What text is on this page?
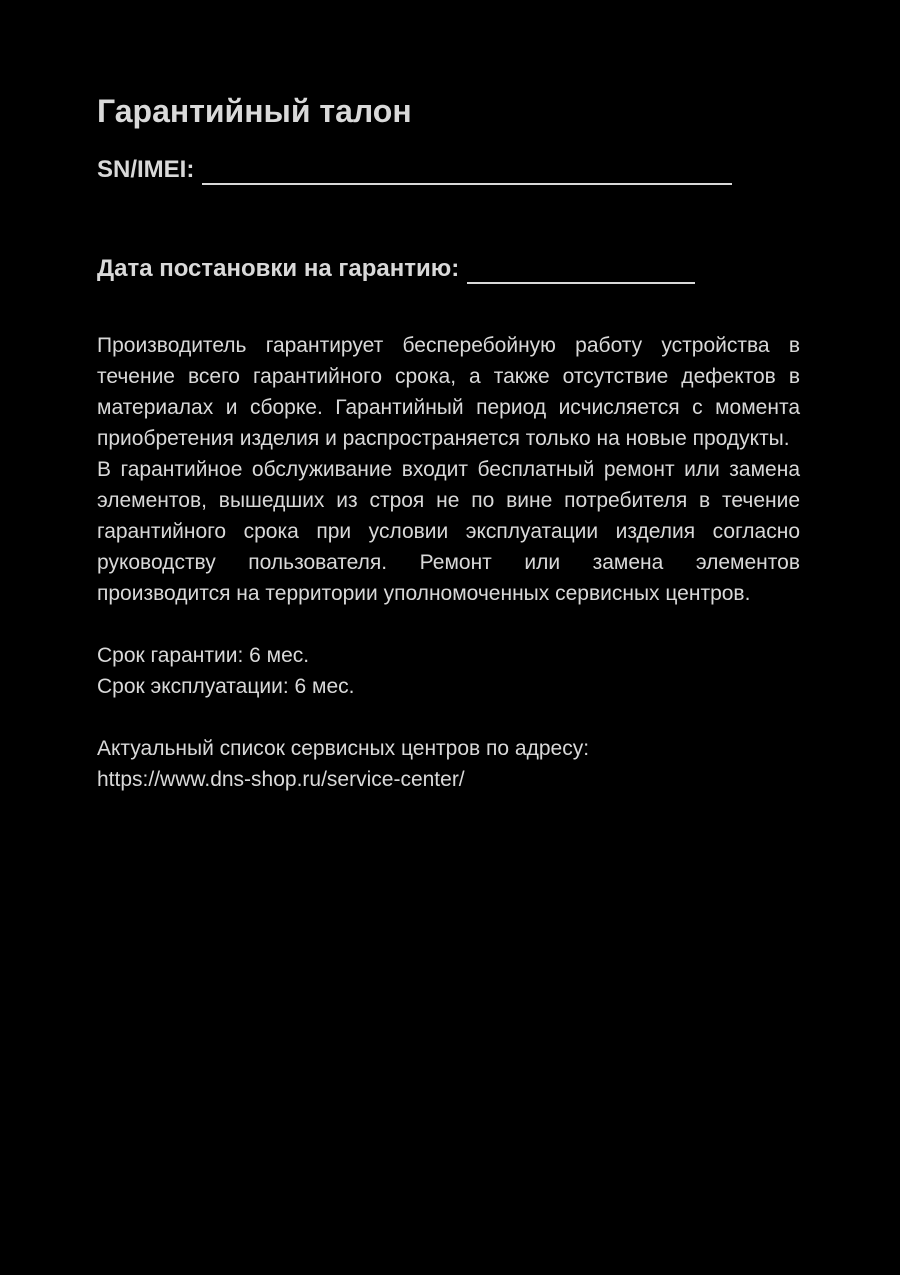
Гарантийный талон
SN/IMEI:
Дата постановки на гарантию:

Производитель гарантирует бесперебойную работу устройства в течение всего гарантийного срока, а также отсутствие дефектов в материалах и сборке. Гарантийный период исчисляется с момента приобретения изделия и распространяется только на новые продукты.

В гарантийное обслуживание входит бесплатный ремонт или замена элементов, вышедших из строя не по вине потребителя в течение гарантийного срока при условии эксплуатации изделия согласно руководству пользователя. Ремонт или замена элементов производится на территории уполномоченных сервисных центров.

Срок гарантии: 6 мес.

Срок эксплуатации: 6 мес.

Актуальный список сервисных центров по адресу:

https://www.dns-shop.ru/service-center/
